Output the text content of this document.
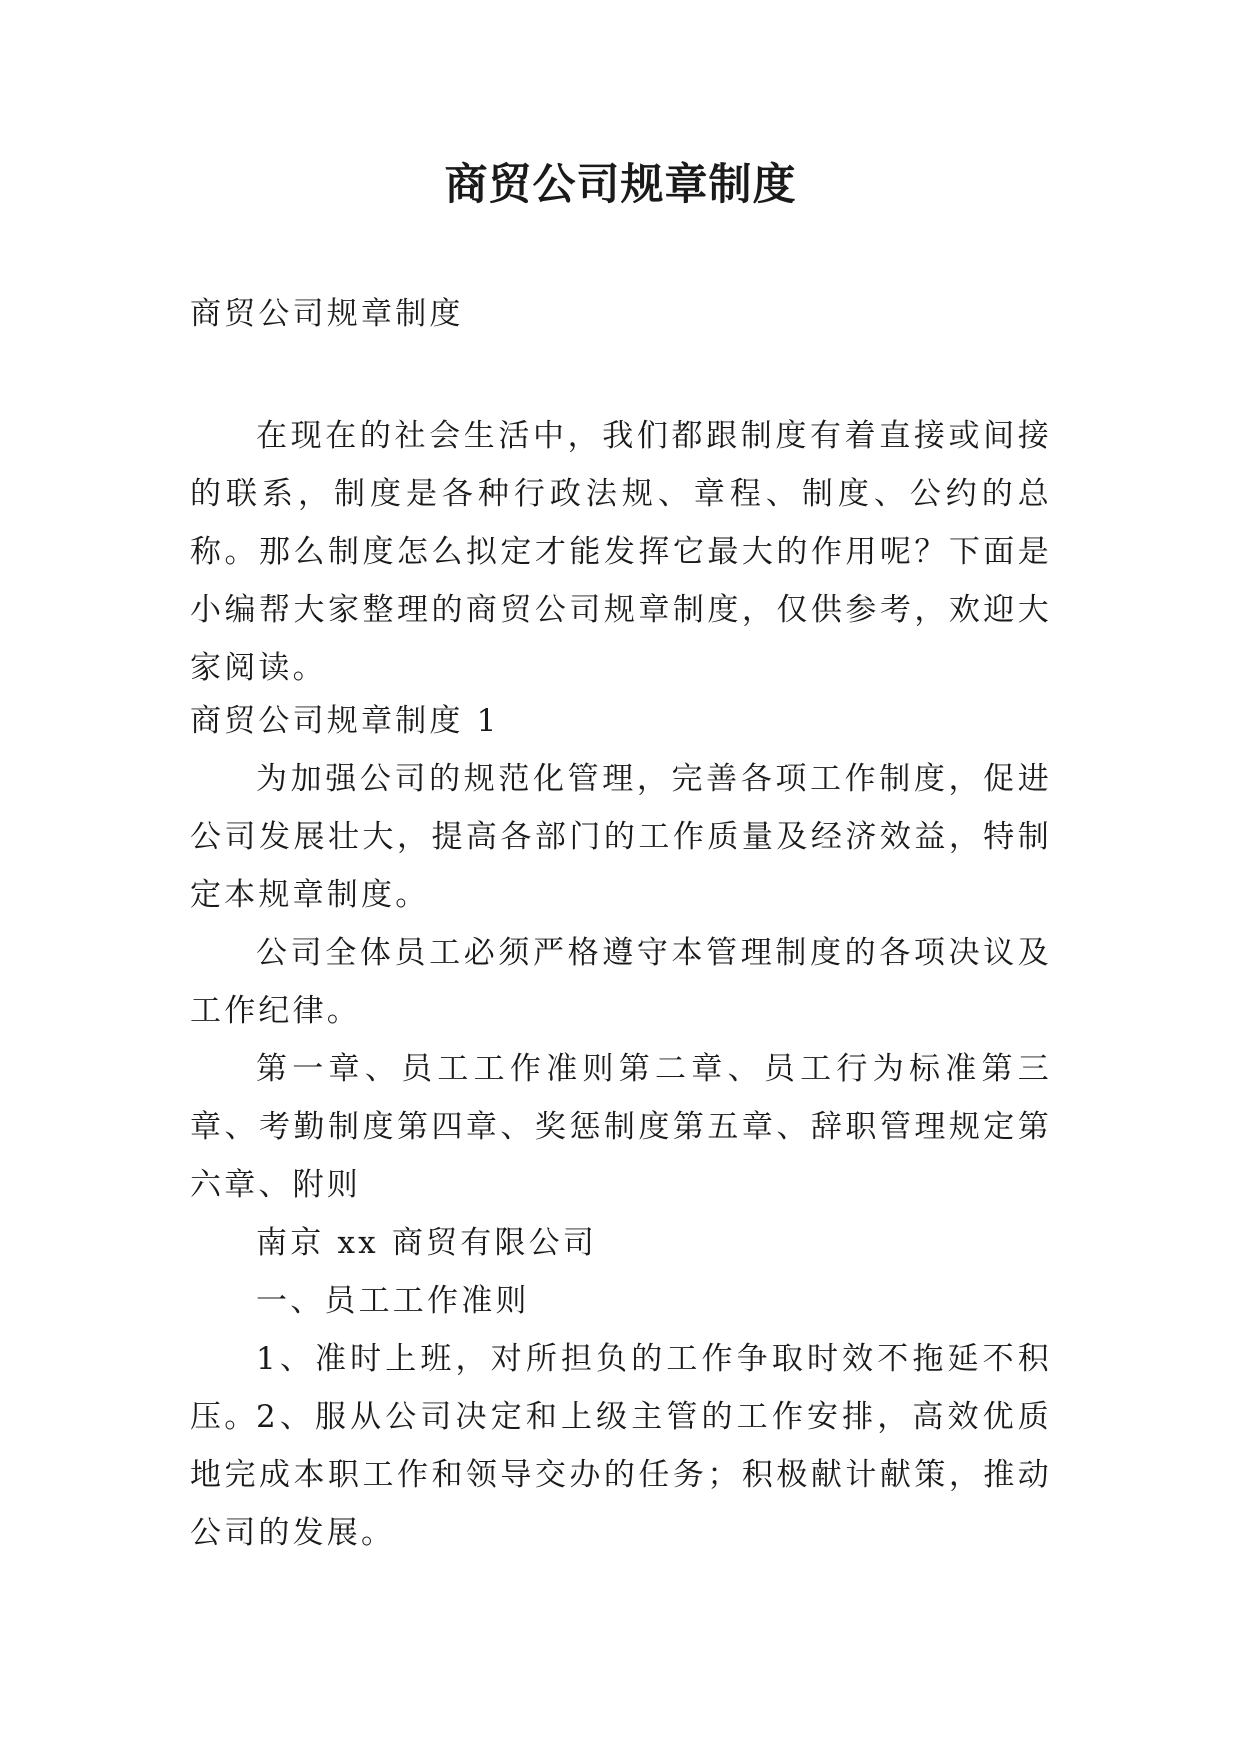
商贸公司规章制度

商贸公司规章制度

在现在的社会生活中，我们都跟制度有着直接或间接的联系，制度是各种行政法规、章程、制度、公约的总称。那么制度怎么拟定才能发挥它最大的作用呢？下面是小编帮大家整理的商贸公司规章制度，仅供参考，欢迎大家阅读。

商贸公司规章制度 1

为加强公司的规范化管理，完善各项工作制度，促进公司发展壮大，提高各部门的工作质量及经济效益，特制定本规章制度。

公司全体员工必须严格遵守本管理制度的各项决议及工作纪律。

第一章、员工工作准则第二章、员工行为标准第三章、考勤制度第四章、奖惩制度第五章、辞职管理规定第六章、附则

南京 xx 商贸有限公司

一、员工工作准则

1、准时上班，对所担负的工作争取时效不拖延不积压。

2、服从公司决定和上级主管的工作安排，高效优质地完成本职工作和领导交办的任务；积极献计献策，推动公司的发展。
